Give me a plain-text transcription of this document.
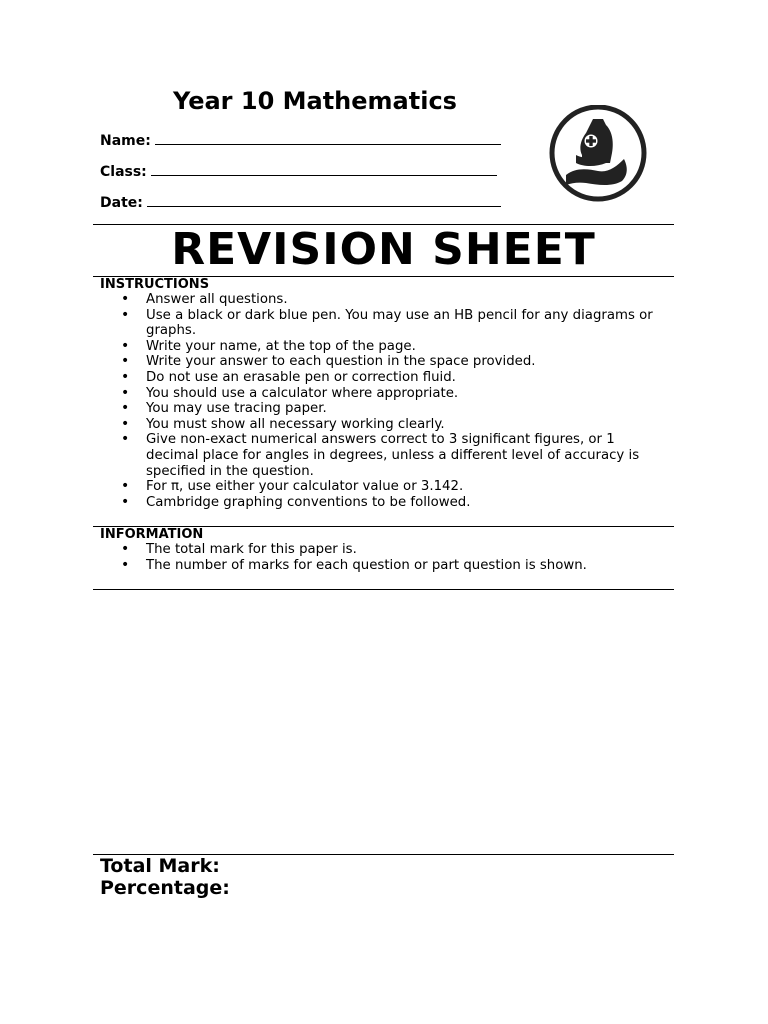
Year 10 Mathematics
Name:
Class:
Date:
REVISION SHEET
INSTRUCTIONS
• Answer all questions.
• Use a black or dark blue pen. You may use an HB pencil for any diagrams or graphs.
• Write your name, at the top of the page.
• Write your answer to each question in the space provided.
• Do not use an erasable pen or correction fluid.
• You should use a calculator where appropriate.
• You may use tracing paper.
• You must show all necessary working clearly.
• Give non-exact numerical answers correct to 3 significant figures, or 1 decimal place for angles in degrees, unless a different level of accuracy is specified in the question.
• For π, use either your calculator value or 3.142.
• Cambridge graphing conventions to be followed.
INFORMATION
• The total mark for this paper is.
• The number of marks for each question or part question is shown.

Total Mark:

Percentage:
